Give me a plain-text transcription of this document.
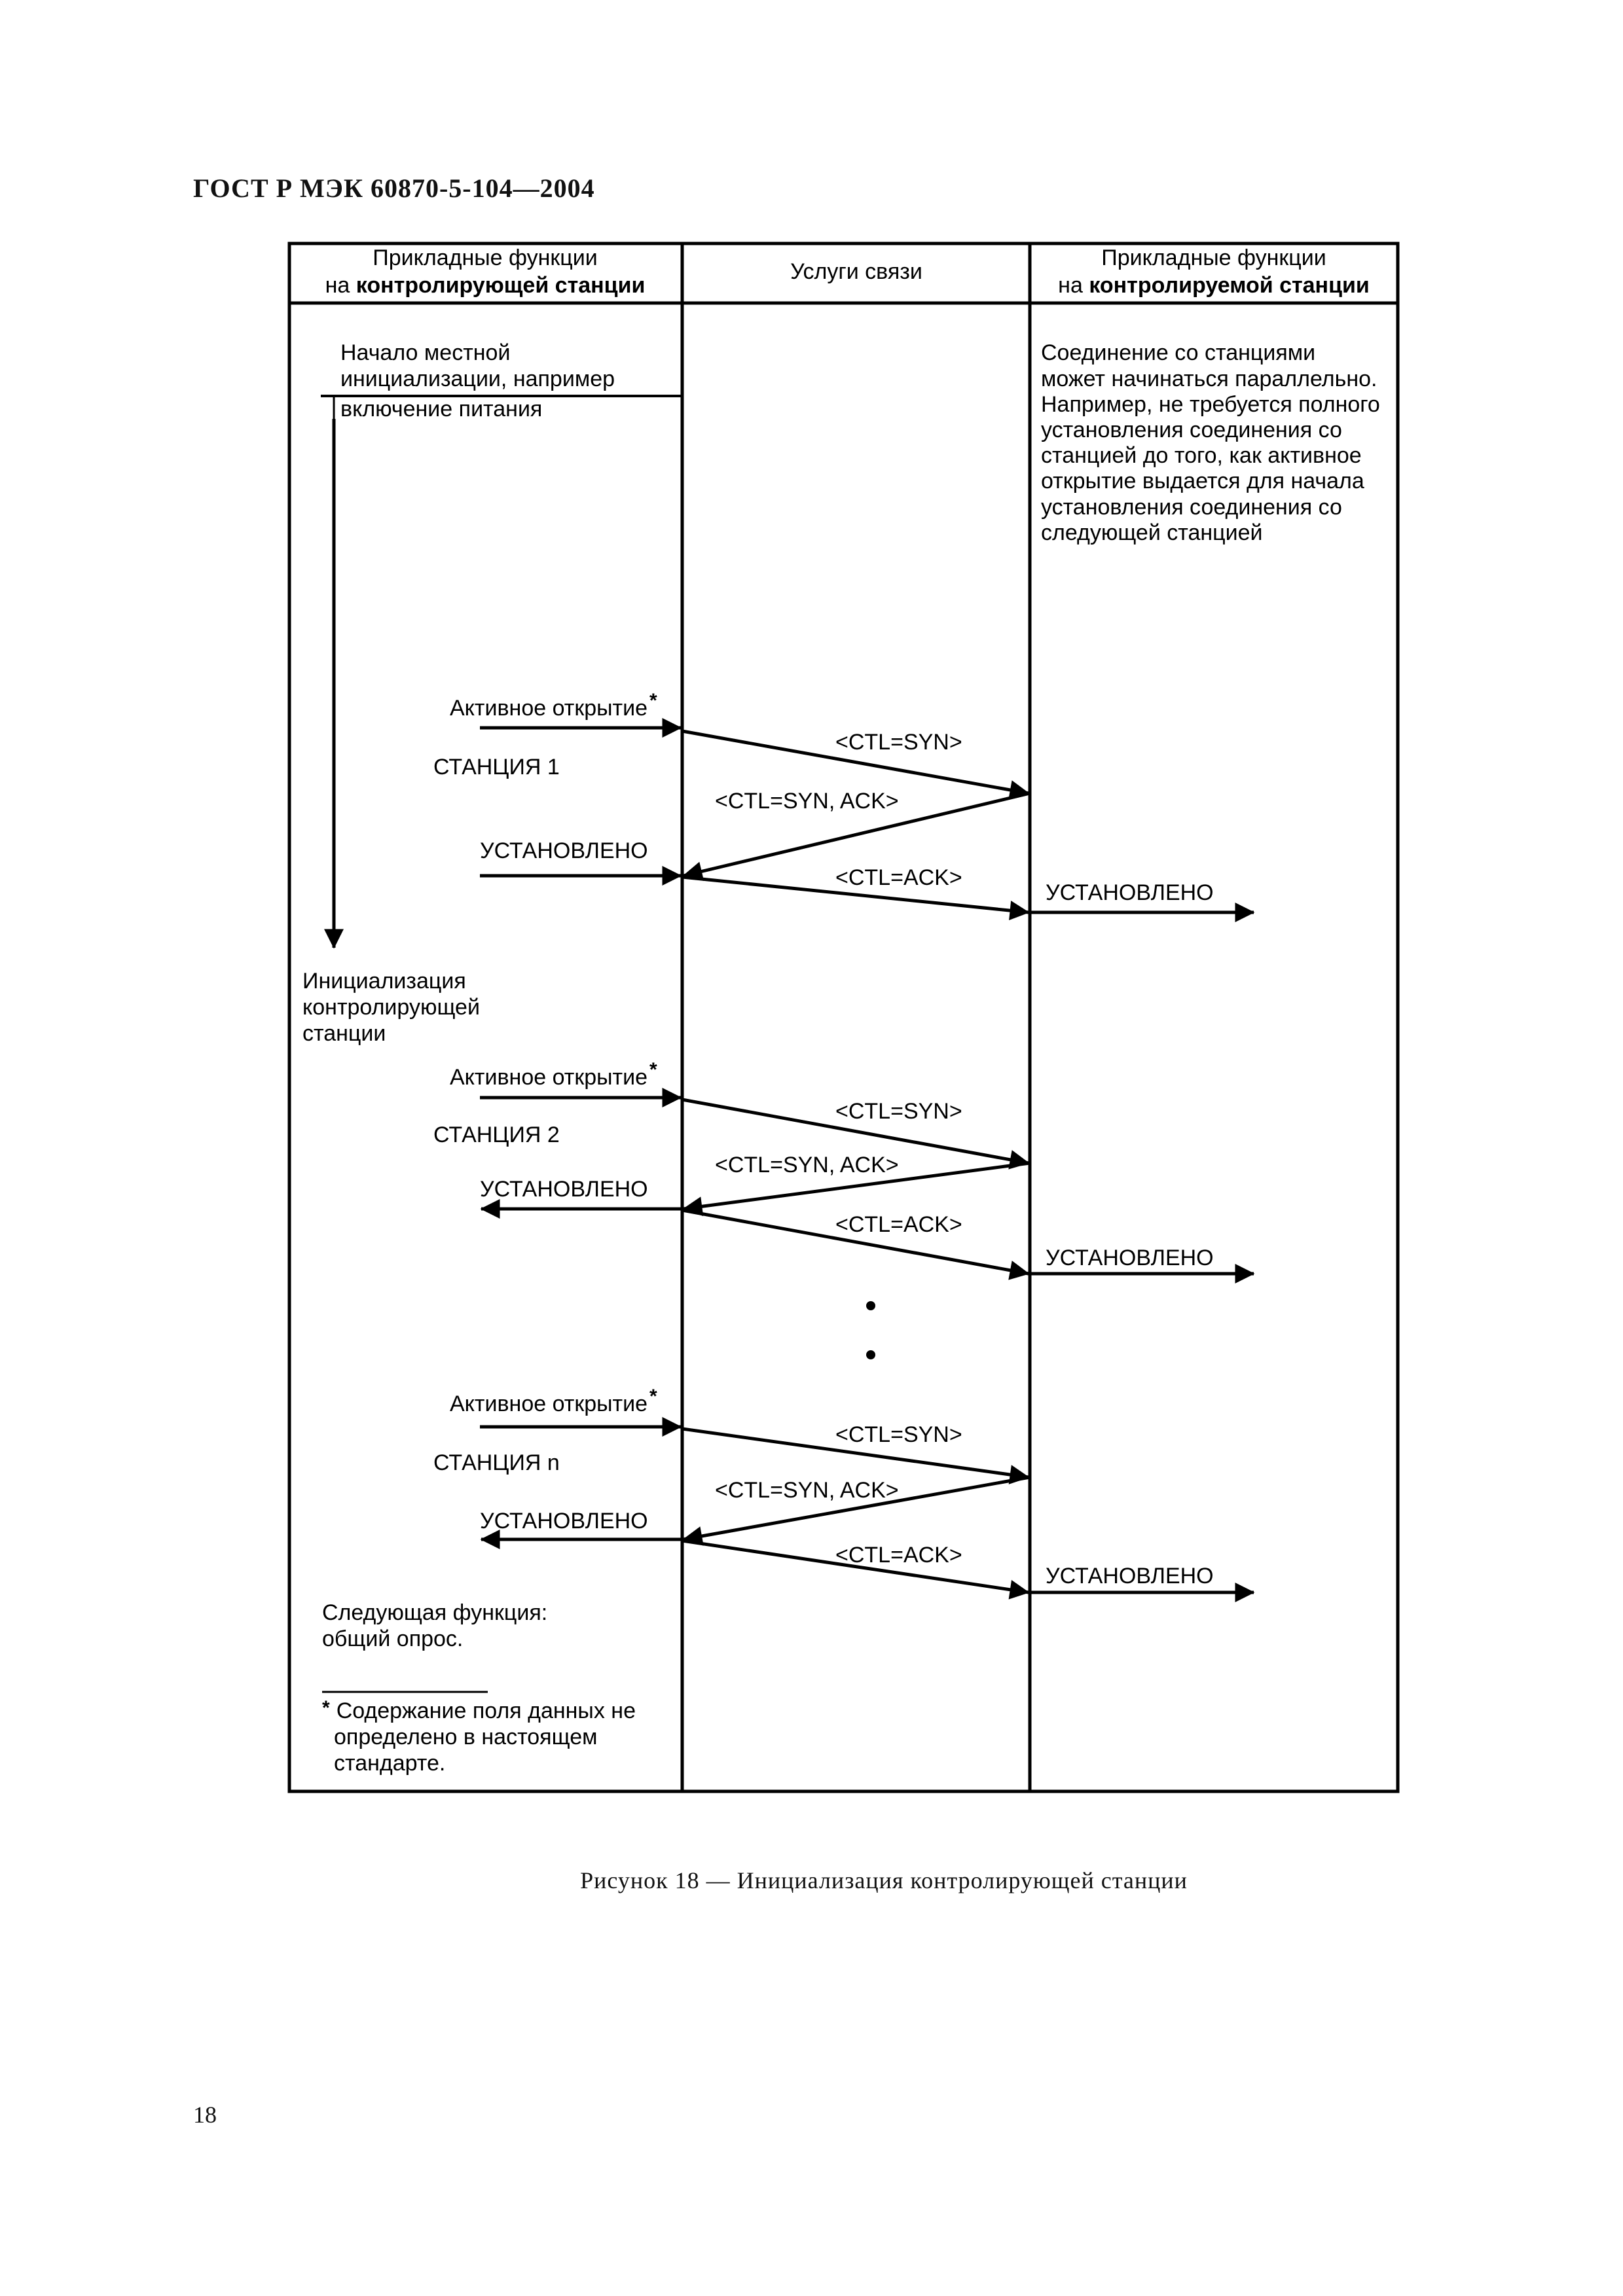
ГОСТ Р МЭК 60870-5-104—2004
Прикладные функции
на контролирующей станции
Услуги связи
Прикладные функции
на контролируемой станции
Начало местной
инициализации, например
включение питания
Соединение со станциями
может начинаться параллельно.
Например, не требуется полного
установления соединения со
станцией до того, как активное
открытие выдается для начала
установления соединения со
следующей станцией
Активное открытие *
СТАНЦИЯ 1
<CTL=SYN>
<CTL=SYN, ACK>
УСТАНОВЛЕНО
<CTL=ACK>
УСТАНОВЛЕНО
Инициализация
контролирующей
станции
Активное открытие *
СТАНЦИЯ 2
<CTL=SYN>
<CTL=SYN, ACK>
УСТАНОВЛЕНО
<CTL=ACK>
УСТАНОВЛЕНО
Активное открытие *
СТАНЦИЯ n
<CTL=SYN>
<CTL=SYN, ACK>
УСТАНОВЛЕНО
<CTL=ACK>
УСТАНОВЛЕНО
Следующая функция:
общий опрос.
* Содержание поля данных не
определено в настоящем
стандарте.
Рисунок 18 — Инициализация контролирующей станции
18
